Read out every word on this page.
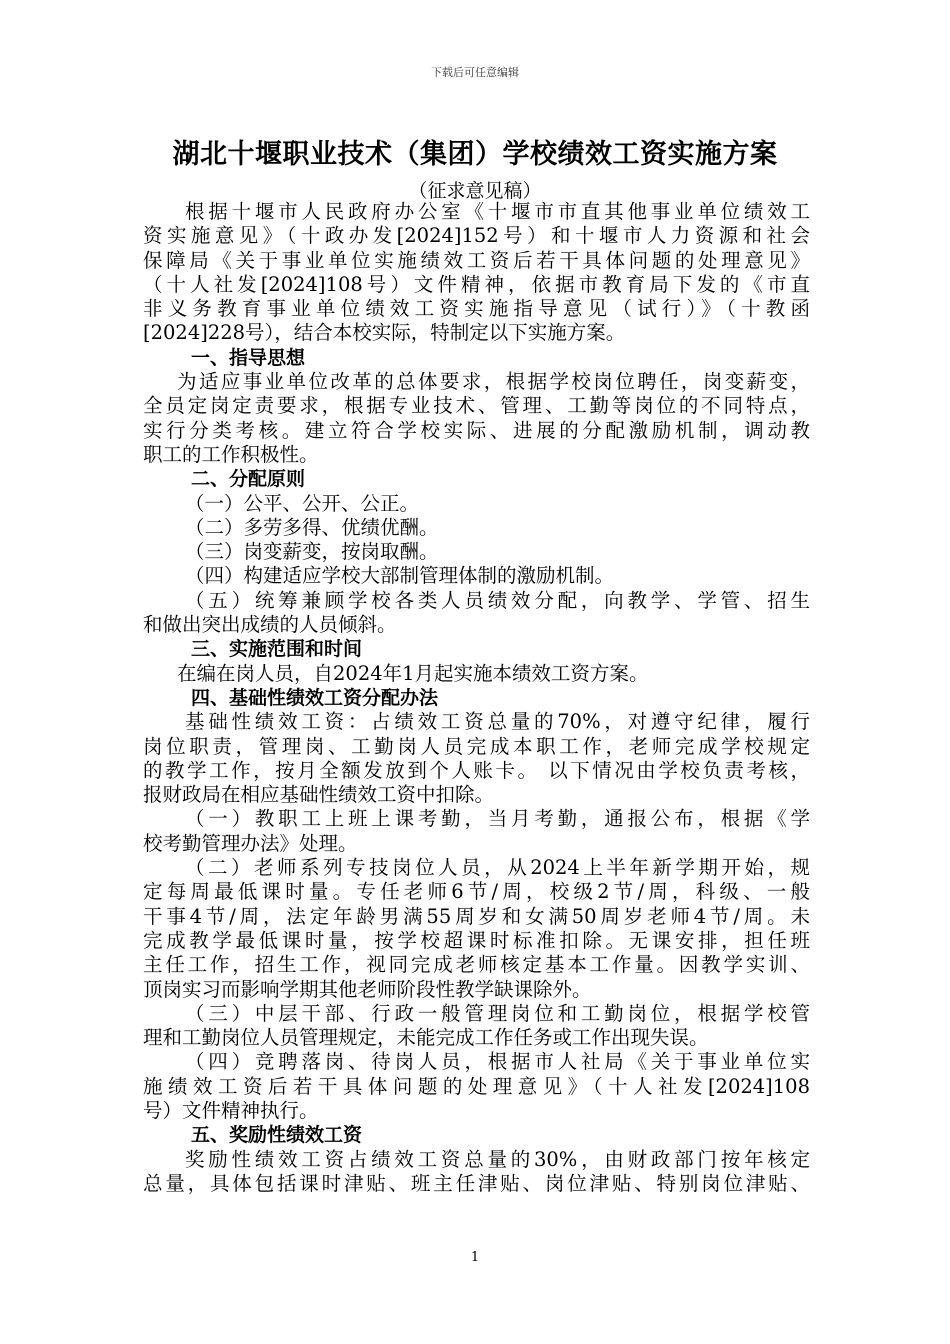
下载后可任意编辑
湖北十堰职业技术（集团）学校绩效工资实施方案
（征求意见稿）
根据十堰市人民政府办公室《十堰市市直其他事业单位绩效工
资实施意见》（十政办发[2024]152号）和十堰市人力资源和社会
保障局《关于事业单位实施绩效工资后若干具体问题的处理意见》
（十人社发[2024]108号）文件精神，依据市教育局下发的《市直
非义务教育事业单位绩效工资实施指导意见（试行）》（十教函
[2024]228号），结合本校实际，特制定以下实施方案。
一、指导思想
为适应事业单位改革的总体要求，根据学校岗位聘任，岗变薪变，
全员定岗定责要求，根据专业技术、管理、工勤等岗位的不同特点，
实行分类考核。建立符合学校实际、进展的分配激励机制，调动教
职工的工作积极性。
二、分配原则
（一）公平、公开、公正。
（二）多劳多得、优绩优酬。
（三）岗变薪变，按岗取酬。
（四）构建适应学校大部制管理体制的激励机制。
（五）统筹兼顾学校各类人员绩效分配，向教学、学管、招生
和做出突出成绩的人员倾斜。
三、实施范围和时间
在编在岗人员，自2024年1月起实施本绩效工资方案。
四、基础性绩效工资分配办法
基础性绩效工资：占绩效工资总量的70%，对遵守纪律，履行
岗位职责，管理岗、工勤岗人员完成本职工作，老师完成学校规定
的教学工作，按月全额发放到个人账卡。 以下情况由学校负责考核，
报财政局在相应基础性绩效工资中扣除。
（一）教职工上班上课考勤，当月考勤，通报公布，根据《学
校考勤管理办法》处理。
（二）老师系列专技岗位人员，从2024上半年新学期开始，规
定每周最低课时量。专任老师6节/周，校级2节/周，科级、一般
干事4节/周，法定年龄男满55周岁和女满50周岁老师4节/周。未
完成教学最低课时量，按学校超课时标准扣除。无课安排，担任班
主任工作，招生工作，视同完成老师核定基本工作量。因教学实训、
顶岗实习而影响学期其他老师阶段性教学缺课除外。
（三）中层干部、行政一般管理岗位和工勤岗位，根据学校管
理和工勤岗位人员管理规定，未能完成工作任务或工作出现失误。
（四）竞聘落岗、待岗人员，根据市人社局《关于事业单位实
施绩效工资后若干具体问题的处理意见》（十人社发[2024]108
号）文件精神执行。
五、奖励性绩效工资
奖励性绩效工资占绩效工资总量的30%，由财政部门按年核定
总量，具体包括课时津贴、班主任津贴、岗位津贴、特别岗位津贴、
1
